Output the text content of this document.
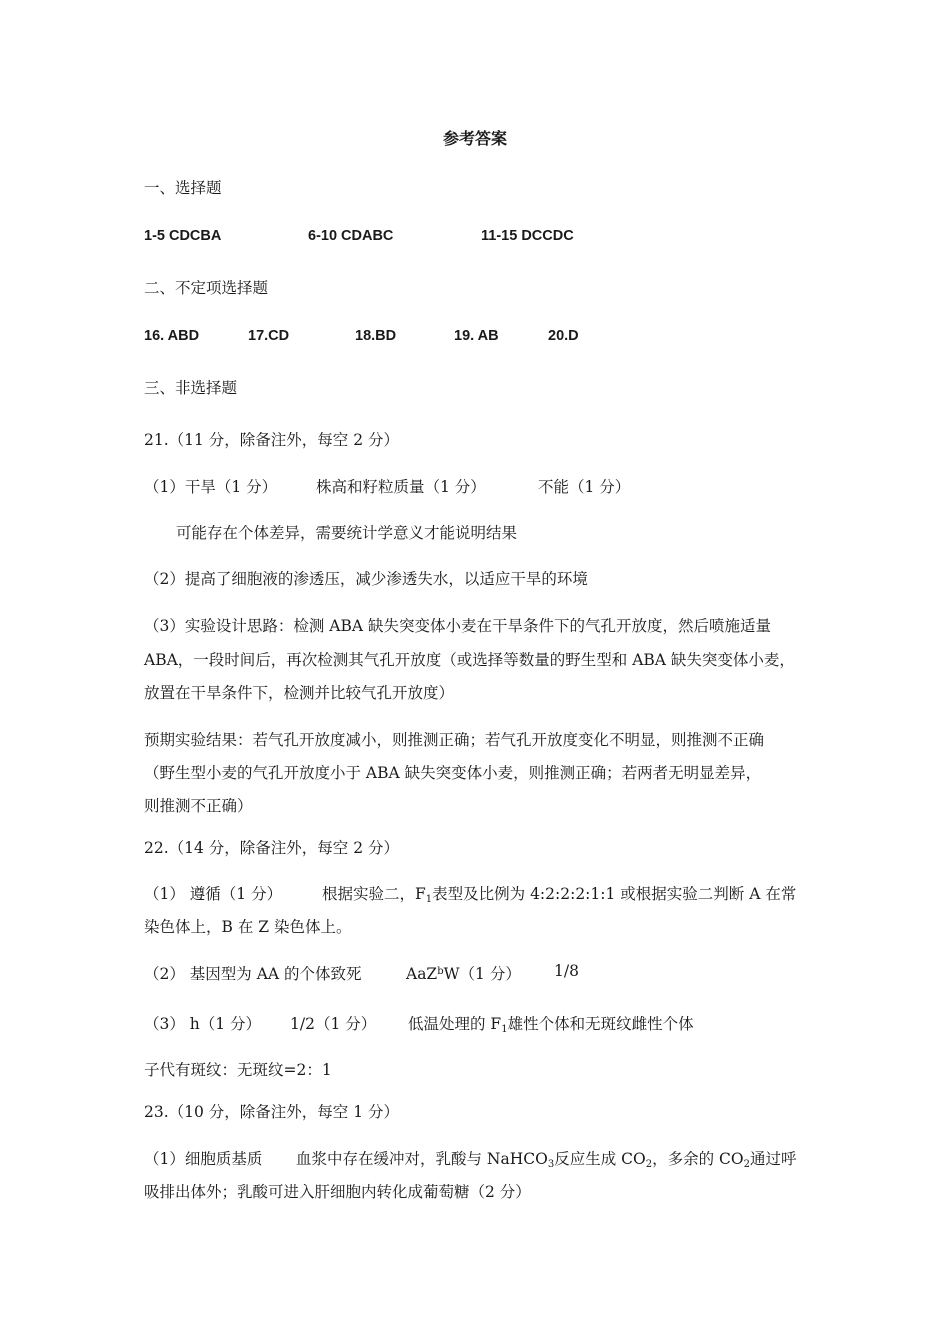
参考答案
一、选择题
1-5 CDCBA	6-10 CDABC	11-15 DCCDC
二、不定项选择题
16. ABD	17.CD	18.BD	19. AB	20.D
三、非选择题
21.（11 分，除备注外，每空 2 分）
（1）干旱（1 分）	株高和籽粒质量（1 分）	不能（1 分）
可能存在个体差异，需要统计学意义才能说明结果
（2）提高了细胞液的渗透压，减少渗透失水，以适应干旱的环境
（3）实验设计思路：检测 ABA 缺失突变体小麦在干旱条件下的气孔开放度，然后喷施适量
ABA，一段时间后，再次检测其气孔开放度（或选择等数量的野生型和 ABA 缺失突变体小麦，
放置在干旱条件下，检测并比较气孔开放度）
预期实验结果：若气孔开放度减小，则推测正确；若气孔开放度变化不明显，则推测不正确
（野生型小麦的气孔开放度小于 ABA 缺失突变体小麦，则推测正确；若两者无明显差异，
则推测不正确）
22.（14 分，除备注外，每空 2 分）
（1） 遵循（1 分）	根据实验二，$F_1$表型及比例为 4:2:2:2:1:1 或根据实验二判断 A 在常
染色体上，B 在 Z 染色体上。
（2） 基因型为 AA 的个体致死	AaZ$^b$W（1 分） 1/8
（3） h（1 分） 1/2（1 分） 低温处理的 $F_1$雄性个体和无斑纹雌性个体
子代有斑纹：无斑纹=2：1
23.（10 分，除备注外，每空 1 分）
（1）细胞质基质 血浆中存在缓冲对，乳酸与 NaHCO$_3$反应生成 $CO_2$，多余的 $CO_2$通过呼
吸排出体外；乳酸可进入肝细胞内转化成葡萄糖（2 分）
